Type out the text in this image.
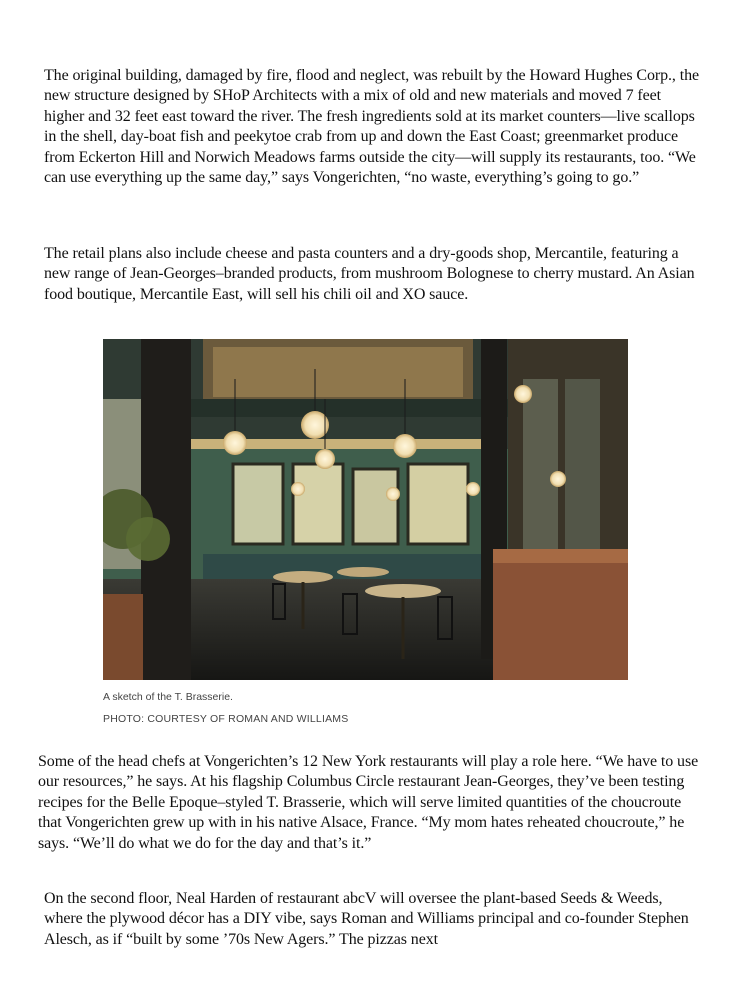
The original building, damaged by fire, flood and neglect, was rebuilt by the Howard Hughes Corp., the new structure designed by SHoP Architects with a mix of old and new materials and moved 7 feet higher and 32 feet east toward the river. The fresh ingredients sold at its market counters—live scallops in the shell, day-boat fish and peekytoe crab from up and down the East Coast; greenmarket produce from Eckerton Hill and Norwich Meadows farms outside the city—will supply its restaurants, too. “We can use everything up the same day,” says Vongerichten, “no waste, everything’s going to go.”

The retail plans also include cheese and pasta counters and a dry-goods shop, Mercantile, featuring a new range of Jean-Georges–branded products, from mushroom Bolognese to cherry mustard. An Asian food boutique, Mercantile East, will sell his chili oil and XO sauce.

A sketch of the T. Brasserie.

PHOTO: COURTESY OF ROMAN AND WILLIAMS

Some of the head chefs at Vongerichten’s 12 New York restaurants will play a role here. “We have to use our resources,” he says. At his flagship Columbus Circle restaurant Jean-Georges, they’ve been testing recipes for the Belle Epoque–styled T. Brasserie, which will serve limited quantities of the choucroute that Vongerichten grew up with in his native Alsace, France. “My mom hates reheated choucroute,” he says. “We’ll do what we do for the day and that’s it.”

On the second floor, Neal Harden of restaurant abcV will oversee the plant-based Seeds & Weeds, where the plywood décor has a DIY vibe, says Roman and Williams principal and co-founder Stephen Alesch, as if “built by some ’70s New Agers.” The pizzas next
